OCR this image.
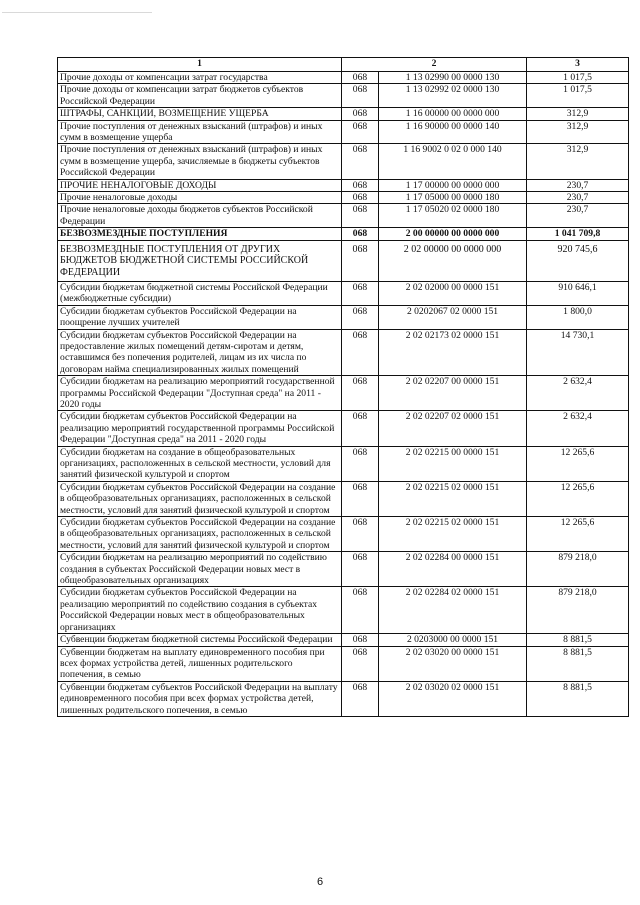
1	2		3
Прочие доходы от компенсации затрат государства	068	1 13 02990 00 0000 130	1 017,5
Прочие доходы от компенсации затрат бюджетов субъектов Российской Федерации	068	1 13 02992 02 0000 130	1 017,5
ШТРАФЫ, САНКЦИИ, ВОЗМЕЩЕНИЕ УЩЕРБА	068	1 16 00000 00 0000 000	312,9
Прочие поступления от денежных взысканий (штрафов) и иных сумм в возмещение ущерба	068	1 16 90000 00 0000 140	312,9
Прочие поступления от денежных взысканий (штрафов) и иных сумм в возмещение ущерба, зачисляемые в бюджеты субъектов Российской Федерации	068	1 16 9002 0 02 0 000 140	312,9
ПРОЧИЕ НЕНАЛОГОВЫЕ ДОХОДЫ	068	1 17 00000 00 0000 000	230,7
Прочие неналоговые доходы	068	1 17 05000 00 0000 180	230,7
Прочие неналоговые доходы бюджетов субъектов Российской Федерации	068	1 17 05020 02 0000 180	230,7
БЕЗВОЗМЕЗДНЫЕ ПОСТУПЛЕНИЯ	068	2 00 00000 00 0000 000	1 041 709,8
БЕЗВОЗМЕЗДНЫЕ ПОСТУПЛЕНИЯ ОТ ДРУГИХ БЮДЖЕТОВ БЮДЖЕТНОЙ СИСТЕМЫ РОССИЙСКОЙ ФЕДЕРАЦИИ	068	2 02 00000 00 0000 000	920 745,6
Субсидии бюджетам бюджетной системы Российской Федерации (межбюджетные субсидии)	068	2 02 02000 00 0000 151	910 646,1
Субсидии бюджетам субъектов Российской Федерации на поощрение лучших учителей	068	2 0202067 02 0000 151	1 800,0
Субсидии бюджетам субъектов Российской Федерации на предоставление жилых помещений детям-сиротам и детям, оставшимся без попечения родителей, лицам из их числа по договорам найма специализированных жилых помещений	068	2 02 02173 02 0000 151	14 730,1
Субсидии бюджетам на реализацию мероприятий государственной программы Российской Федерации "Доступная среда" на 2011 - 2020 годы	068	2 02 02207 00 0000 151	2 632,4
Субсидии бюджетам субъектов Российской Федерации на реализацию мероприятий государственной программы Российской Федерации "Доступная среда" на 2011 - 2020 годы	068	2 02 02207 02 0000 151	2 632,4
Субсидии бюджетам на создание в общеобразовательных организациях, расположенных в сельской местности, условий для занятий физической культурой и спортом	068	2 02 02215 00 0000 151	12 265,6
Субсидии бюджетам субъектов Российской Федерации на создание в общеобразовательных организациях, расположенных в сельской местности, условий для занятий физической культурой и спортом	068	2 02 02215 02 0000 151	12 265,6
Субсидии бюджетам субъектов Российской Федерации на создание в общеобразовательных организациях, расположенных в сельской местности, условий для занятий физической культурой и спортом	068	2 02 02215 02 0000 151	12 265,6
Субсидии бюджетам на реализацию мероприятий по содействию создания в субъектах Российской Федерации новых мест в общеобразовательных организациях	068	2 02 02284 00 0000 151	879 218,0
Субсидии бюджетам субъектов Российской Федерации на реализацию мероприятий по содействию создания в субъектах Российской Федерации новых мест в общеобразовательных организациях	068	2 02 02284 02 0000 151	879 218,0
Субвенции бюджетам бюджетной системы Российской Федерации	068	2 0203000 00 0000 151	8 881,5
Субвенции бюджетам на выплату единовременного пособия при всех формах устройства детей, лишенных родительского попечения, в семью	068	2 02 03020 00 0000 151	8 881,5
Субвенции бюджетам субъектов Российской Федерации на выплату единовременного пособия при всех формах устройства детей, лишенных родительского попечения, в семью	068	2 02 03020 02 0000 151	8 881,5
6
